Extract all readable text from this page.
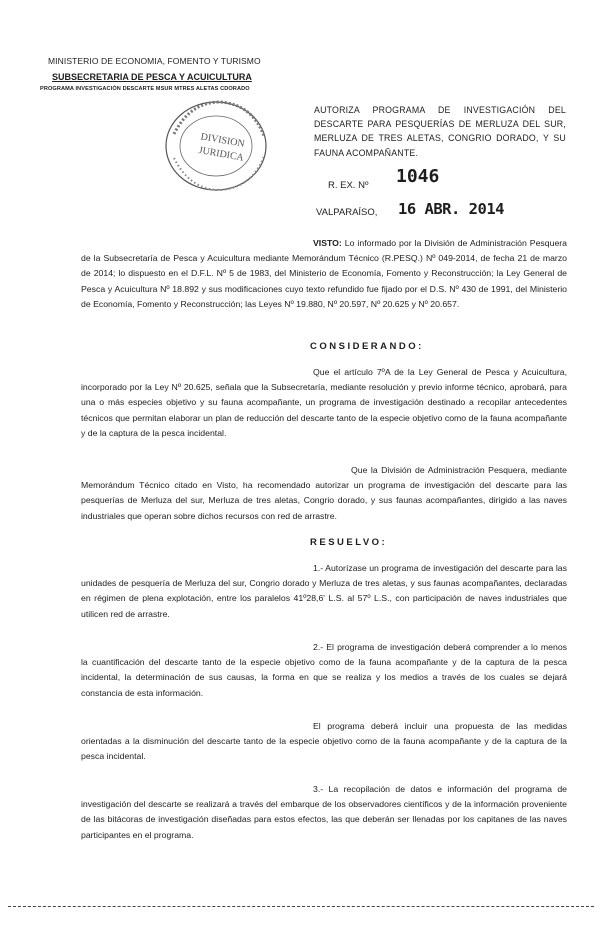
MINISTERIO DE ECONOMIA, FOMENTO Y TURISMO
SUBSECRETARIA DE PESCA Y ACUICULTURA
PROGRAMA INVESTIGACIÓN DESCARTE MSUR MTRES ALETAS CDORADO
DIVISION
JURIDICA
AUTORIZA PROGRAMA DE INVESTIGACIÓN DEL DESCARTE PARA PESQUERÍAS DE MERLUZA DEL SUR, MERLUZA DE TRES ALETAS, CONGRIO DORADO, Y SU FAUNA ACOMPAÑANTE.
R. EX. Nº 1046
VALPARAÍSO, 16 ABR. 2014
VISTO: Lo informado por la División de Administración Pesquera de la Subsecretaría de Pesca y Acuicultura mediante Memorándum Técnico (R.PESQ.) Nº 049-2014, de fecha 21 de marzo de 2014; lo dispuesto en el D.F.L. Nº 5 de 1983, del Ministerio de Economía, Fomento y Reconstrucción; la Ley General de Pesca y Acuicultura Nº 18.892 y sus modificaciones cuyo texto refundido fue fijado por el D.S. Nº 430 de 1991, del Ministerio de Economía, Fomento y Reconstrucción; las Leyes Nº 19.880, Nº 20.597, Nº 20.625 y Nº 20.657.
CONSIDERANDO:
Que el artículo 7ºA de la Ley General de Pesca y Acuicultura, incorporado por la Ley Nº 20.625, señala que la Subsecretaría, mediante resolución y previo informe técnico, aprobará, para una o más especies objetivo y su fauna acompañante, un programa de investigación destinado a recopilar antecedentes técnicos que permitan elaborar un plan de reducción del descarte tanto de la especie objetivo como de la fauna acompañante y de la captura de la pesca incidental.
Que la División de Administración Pesquera, mediante Memorándum Técnico citado en Visto, ha recomendado autorizar un programa de investigación del descarte para las pesquerías de Merluza del sur, Merluza de tres aletas, Congrio dorado, y sus faunas acompañantes, dirigido a las naves industriales que operan sobre dichos recursos con red de arrastre.
RESUELVO:
1.- Autorízase un programa de investigación del descarte para las unidades de pesquería de Merluza del sur, Congrio dorado y Merluza de tres aletas, y sus faunas acompañantes, declaradas en régimen de plena explotación, entre los paralelos 41º28,6' L.S. al 57º L.S., con participación de naves industriales que utilicen red de arrastre.
2.- El programa de investigación deberá comprender a lo menos la cuantificación del descarte tanto de la especie objetivo como de la fauna acompañante y de la captura de la pesca incidental, la determinación de sus causas, la forma en que se realiza y los medios a través de los cuales se dejará constancia de esta información.
El programa deberá incluir una propuesta de las medidas orientadas a la disminución del descarte tanto de la especie objetivo como de la fauna acompañante y de la captura de la pesca incidental.
3.- La recopilación de datos e información del programa de investigación del descarte se realizará a través del embarque de los observadores científicos y de la información proveniente de las bitácoras de investigación diseñadas para estos efectos, las que deberán ser llenadas por los capitanes de las naves participantes en el programa.
